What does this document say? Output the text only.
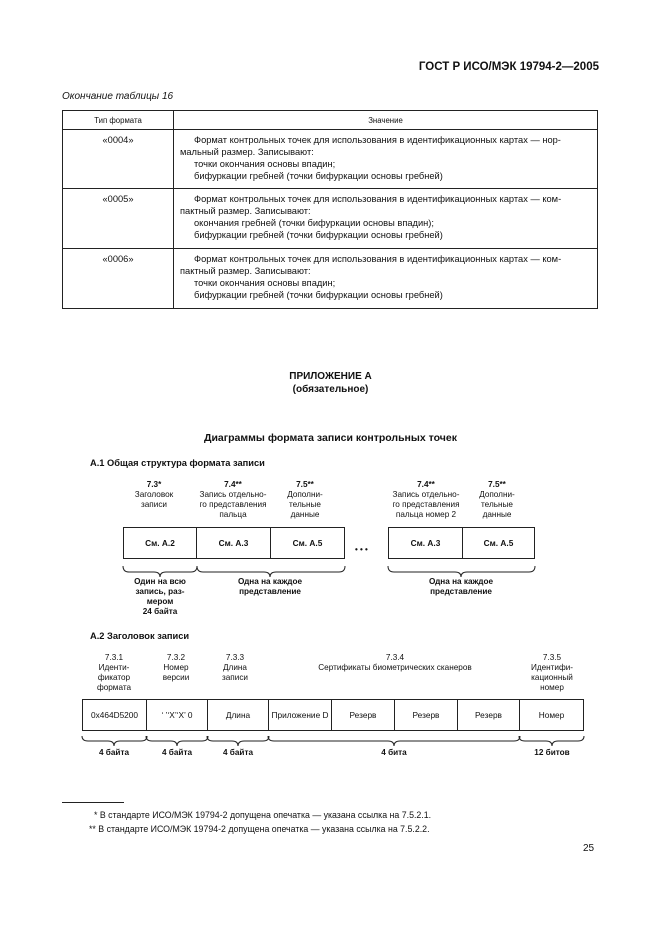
ГОСТ Р ИСО/МЭК 19794-2—2005
Окончание таблицы 16
Тип формата	Значение
«0004»	Формат контрольных точек для использования в идентификационных картах — нор-
мальный размер. Записывают:
точки окончания основы впадин;
бифуркации гребней (точки бифуркации основы гребней)

«0005»	Формат контрольных точек для использования в идентификационных картах — ком-
пактный размер. Записывают:
окончания гребней (точки бифуркации основы впадин);
бифуркации гребней (точки бифуркации основы гребней)

«0006»	Формат контрольных точек для использования в идентификационных картах — ком-
пактный размер. Записывают:
точки окончания основы впадин;
бифуркации гребней (точки бифуркации основы гребней)
ПРИЛОЖЕНИЕ А
(обязательное)
Диаграммы формата записи контрольных точек
А.1 Общая структура формата записи
7.3*
Заголовок
записи
7.4**
Запись отдельно-
го представления
пальца
7.5**
Дополни-
тельные
данные
7.4**
Запись отдельно-
го представления
пальца номер 2
7.5**
Дополни-
тельные
данные
См. А.2	См. А.3	См. А.5
• • •
См. А.3	См. А.5
Один на всю
запись, раз-
мером
24 байта
Одна на каждое
представление
Одна на каждое
представление
А.2 Заголовок записи
7.3.1
Иденти-
фикатор
формата
7.3.2
Номер
версии
7.3.3
Длина
записи
7.3.4
Сертификаты биометрических сканеров
7.3.5
Идентифи-
кационный
номер
0x464D5200	‘ ’‘X’‘X’ 0	Длина	Приложение D	Резерв	Резерв	Резерв	Номер
4 байта	4 байта	4 байта	4 бита	12 битов
* В стандарте ИСО/МЭК 19794-2 допущена опечатка — указана ссылка на 7.5.2.1.
** В стандарте ИСО/МЭК 19794-2 допущена опечатка — указана ссылка на 7.5.2.2.
25
